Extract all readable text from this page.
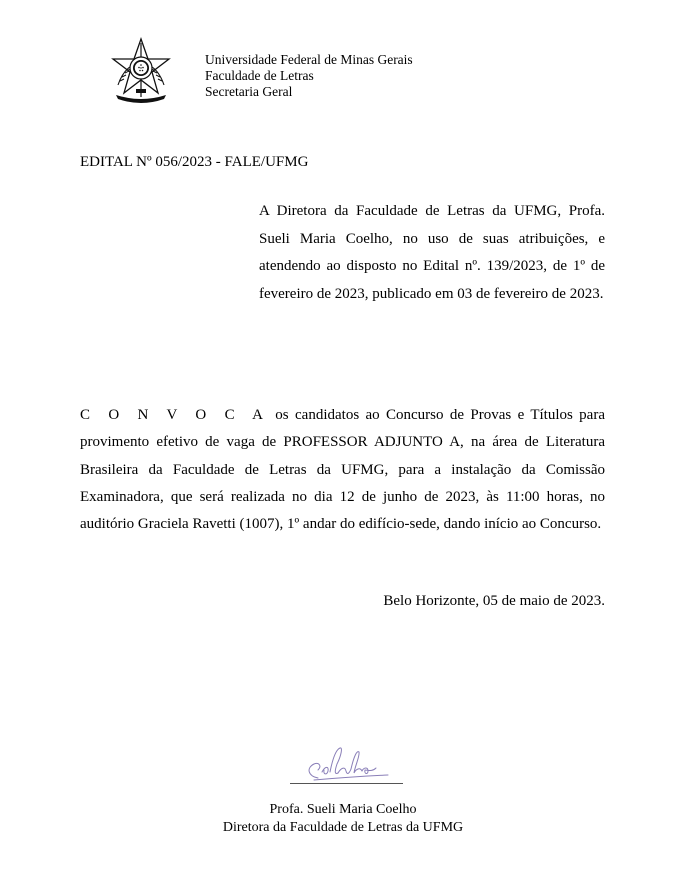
Universidade Federal de Minas Gerais
Faculdade de Letras
Secretaria Geral
EDITAL Nº 056/2023 - FALE/UFMG
A Diretora da Faculdade de Letras da UFMG, Profa. Sueli Maria Coelho, no uso de suas atribuições, e atendendo ao disposto no Edital nº. 139/2023, de 1º de fevereiro de 2023, publicado em 03 de fevereiro de 2023.
C O N V O C A os candidatos ao Concurso de Provas e Títulos para provimento efetivo de vaga de PROFESSOR ADJUNTO A, na área de Literatura Brasileira da Faculdade de Letras da UFMG, para a instalação da Comissão Examinadora, que será realizada no dia 12 de junho de 2023, às 11:00 horas, no auditório Graciela Ravetti (1007), 1º andar do edifício-sede, dando início ao Concurso.
Belo Horizonte, 05 de maio de 2023.
Profa. Sueli Maria Coelho
Diretora da Faculdade de Letras da UFMG
